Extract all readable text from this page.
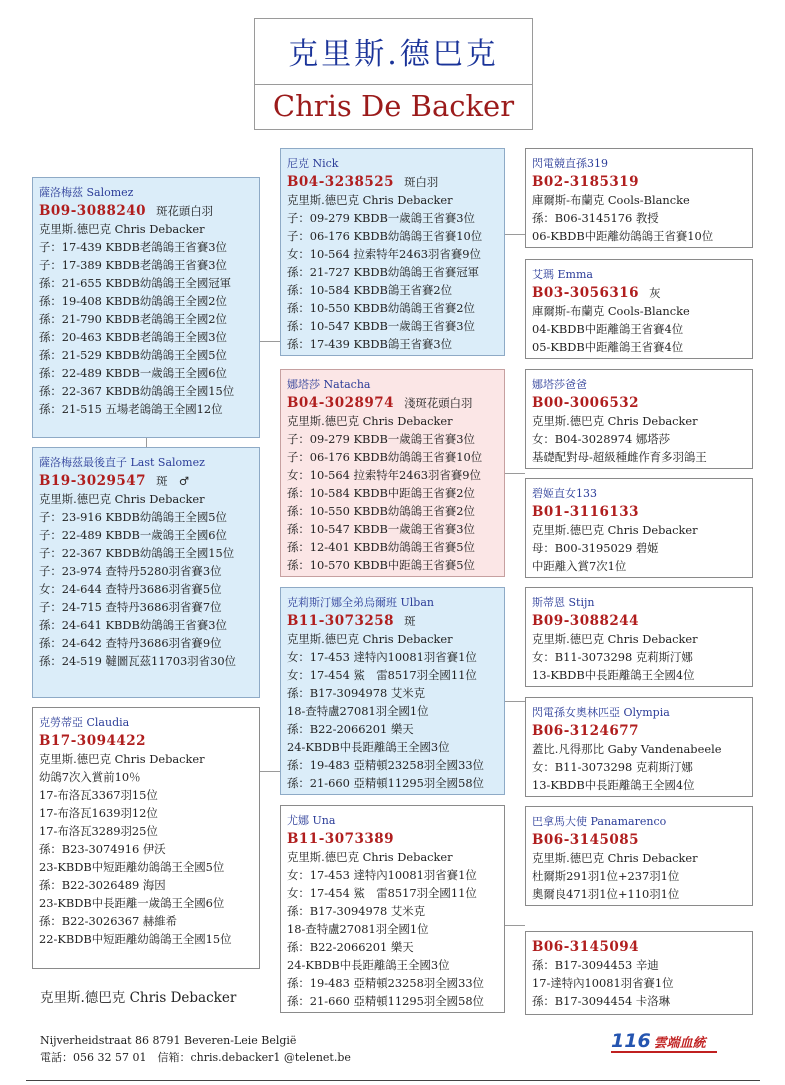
克里斯.德巴克
Chris De Backer
薩洛梅茲 Salomez
B09-3088240 斑花頭白羽
克里斯.德巴克 Chris Debacker
子：17-439 KBDB老鴿鴿王省賽3位
子：17-389 KBDB老鴿鴿王省賽3位
孫：21-655 KBDB幼鴿鴿王全國冠軍
孫：19-408 KBDB幼鴿鴿王全國2位
孫：21-790 KBDB老鴿鴿王全國2位
孫：20-463 KBDB老鴿鴿王全國3位
孫：21-529 KBDB幼鴿鴿王全國5位
孫：22-489 KBDB一歲鴿王全國6位
孫：22-367 KBDB幼鴿鴿王全國15位
孫：21-515 五場老鴿鴿王全國12位
薩洛梅茲最後直子 Last Salomez
B19-3029547 斑　♂
克里斯.德巴克 Chris Debacker
子：23-916 KBDB幼鴿鴿王全國5位
子：22-489 KBDB一歲鴿王全國6位
子：22-367 KBDB幼鴿鴿王全國15位
子：23-974 查特丹5280羽省賽3位
女：24-644 查特丹3686羽省賽5位
子：24-715 查特丹3686羽省賽7位
孫：24-641 KBDB幼鴿鴿王省賽3位
孫：24-642 查特丹3686羽省賽9位
孫：24-519 韃圖瓦茲11703羽省30位
克勞蒂亞 Claudia
B17-3094422
克里斯.德巴克 Chris Debacker
幼鴿7次入賞前10％
17-布洛瓦3367羽15位
17-布洛瓦1639羽12位
17-布洛瓦3289羽25位
孫：B23-3074916 伊沃
23-KBDB中短距離幼鴿鴿王全國5位
孫：B22-3026489 海因
23-KBDB中長距離一歲鴿王全國6位
孫：B22-3026367 赫維希
22-KBDB中短距離幼鴿鴿王全國15位
尼克 Nick
B04-3238525 斑白羽
克里斯.德巴克 Chris Debacker
子：09-279 KBDB一歲鴿王省賽3位
子：06-176 KBDB幼鴿鴿王省賽10位
女：10-564 拉索特年2463羽省賽9位
孫：21-727 KBDB幼鴿鴿王省賽冠軍
孫：10-584 KBDB鴿王省賽2位
孫：10-550 KBDB幼鴿鴿王省賽2位
孫：10-547 KBDB一歲鴿王省賽3位
孫：17-439 KBDB鴿王省賽3位
娜塔莎 Natacha
B04-3028974 淺斑花頭白羽
克里斯.德巴克 Chris Debacker
子：09-279 KBDB一歲鴿王省賽3位
子：06-176 KBDB幼鴿鴿王省賽10位
女：10-564 拉索特年2463羽省賽9位
孫：10-584 KBDB中距鴿王省賽2位
孫：10-550 KBDB幼鴿鴿王省賽2位
孫：10-547 KBDB一歲鴿王省賽3位
孫：12-401 KBDB幼鴿鴿王省賽5位
孫：10-570 KBDB中距鴿王省賽5位
克莉斯汀娜全弟烏爾班 Ulban
B11-3073258 斑
克里斯.德巴克 Chris Debacker
女：17-453 達特內10081羽省賽1位
女：17-454 鯊　雷8517羽全國11位
孫：B17-3094978 艾米克
18-查特盧27081羽全國1位
孫：B22-2066201 樂天
24-KBDB中長距離鴿王全國3位
孫：19-483 亞精頓23258羽全國33位
孫：21-660 亞精頓11295羽全國58位
尤娜 Una
B11-3073389
克里斯.德巴克 Chris Debacker
女：17-453 達特內10081羽省賽1位
女：17-454 鯊　雷8517羽全國11位
孫：B17-3094978 艾米克
18-查特盧27081羽全國1位
孫：B22-2066201 樂天
24-KBDB中長距離鴿王全國3位
孫：19-483 亞精頓23258羽全國33位
孫：21-660 亞精頓11295羽全國58位
閃電競直孫319
B02-3185319
庫爾斯-布蘭克 Cools-Blancke
孫：B06-3145176 教授
06-KBDB中距離幼鴿鴿王省賽10位
艾瑪 Emma
B03-3056316 灰
庫爾斯-布蘭克 Cools-Blancke
04-KBDB中距離鴿王省賽4位
05-KBDB中距離鴿王省賽4位
娜塔莎爸爸
B00-3006532
克里斯.德巴克 Chris Debacker
女：B04-3028974 娜塔莎
基礎配對母-超級種雌作育多羽鴿王
碧姬直女133
B01-3116133
克里斯.德巴克 Chris Debacker
母：B00-3195029 碧姬
中距離入賞7次1位
斯蒂恩 Stijn
B09-3088244
克里斯.德巴克 Chris Debacker
女：B11-3073298 克莉斯汀娜
13-KBDB中長距離鴿王全國4位
閃電孫女奧林匹亞 Olympia
B06-3124677
蓋比.凡得那比 Gaby Vandenabeele
女：B11-3073298 克莉斯汀娜
13-KBDB中長距離鴿王全國4位
巴拿馬大使 Panamarenco
B06-3145085
克里斯.德巴克 Chris Debacker
杜爾斯291羽1位+237羽1位
奧爾良471羽1位+110羽1位
B06-3145094
孫：B17-3094453 辛迪
17-達特內10081羽省賽1位
孫：B17-3094454 卡洛琳
克里斯.德巴克 Chris Debacker
Nijverheidstraat 86 8791 Beveren-Leie België
電話：056 32 57 01　信箱：chris.debacker1 @telenet.be
116 雲端血統
